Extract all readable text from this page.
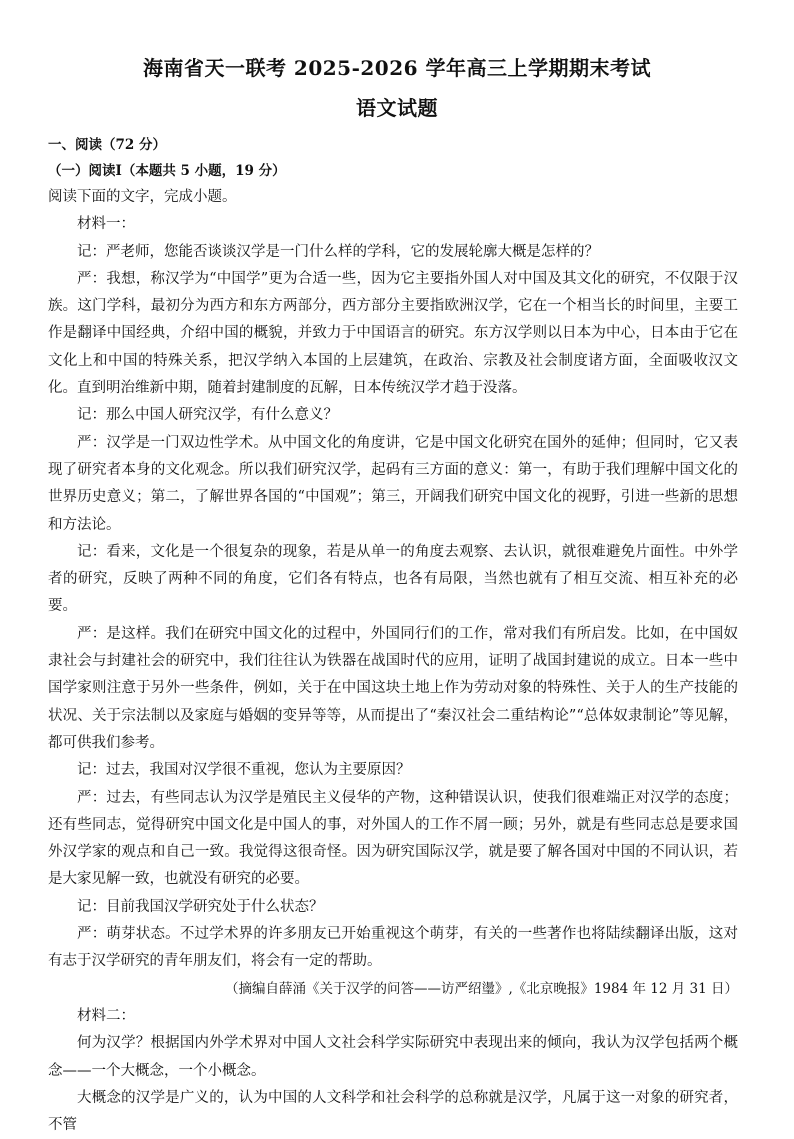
海南省天一联考 2025-2026 学年高三上学期期末考试
语文试题
一、阅读（72 分）
（一）阅读Ⅰ（本题共 5 小题，19 分）

阅读下面的文字，完成小题。

材料一：

记：严老师，您能否谈谈汉学是一门什么样的学科，它的发展轮廓大概是怎样的？

严：我想，称汉学为“中国学”更为合适一些，因为它主要指外国人对中国及其文化的研究，不仅限于汉族。这门学科，最初分为西方和东方两部分，西方部分主要指欧洲汉学，它在一个相当长的时间里，主要工作是翻译中国经典，介绍中国的概貌，并致力于中国语言的研究。东方汉学则以日本为中心，日本由于它在文化上和中国的特殊关系，把汉学纳入本国的上层建筑，在政治、宗教及社会制度诸方面，全面吸收汉文化。直到明治维新中期，随着封建制度的瓦解，日本传统汉学才趋于没落。

记：那么中国人研究汉学，有什么意义？

严：汉学是一门双边性学术。从中国文化的角度讲，它是中国文化研究在国外的延伸；但同时，它又表现了研究者本身的文化观念。所以我们研究汉学，起码有三方面的意义：第一，有助于我们理解中国文化的世界历史意义；第二，了解世界各国的“中国观”；第三，开阔我们研究中国文化的视野，引进一些新的思想和方法论。

记：看来，文化是一个很复杂的现象，若是从单一的角度去观察、去认识，就很难避免片面性。中外学者的研究，反映了两种不同的角度，它们各有特点，也各有局限，当然也就有了相互交流、相互补充的必要。

严：是这样。我们在研究中国文化的过程中，外国同行们的工作，常对我们有所启发。比如，在中国奴隶社会与封建社会的研究中，我们往往认为铁器在战国时代的应用，证明了战国封建说的成立。日本一些中国学家则注意于另外一些条件，例如，关于在中国这块土地上作为劳动对象的特殊性、关于人的生产技能的状况、关于宗法制以及家庭与婚姻的变异等等，从而提出了“秦汉社会二重结构论”“总体奴隶制论”等见解，都可供我们参考。

记：过去，我国对汉学很不重视，您认为主要原因？

严：过去，有些同志认为汉学是殖民主义侵华的产物，这种错误认识，使我们很难端正对汉学的态度；还有些同志，觉得研究中国文化是中国人的事，对外国人的工作不屑一顾；另外，就是有些同志总是要求国外汉学家的观点和自己一致。我觉得这很奇怪。因为研究国际汉学，就是要了解各国对中国的不同认识，若是大家见解一致，也就没有研究的必要。

记：目前我国汉学研究处于什么状态？

严：萌芽状态。不过学术界的许多朋友已开始重视这个萌芽，有关的一些著作也将陆续翻译出版，这对有志于汉学研究的青年朋友们，将会有一定的帮助。

（摘编自薛涌《关于汉学的问答——访严绍璗》,《北京晚报》1984 年 12 月 31 日）

材料二：

何为汉学？根据国内外学术界对中国人文社会科学实际研究中表现出来的倾向，我认为汉学包括两个概念——一个大概念，一个小概念。

大概念的汉学是广义的，认为中国的人文科学和社会科学的总称就是汉学，凡属于这一对象的研究者，不管
